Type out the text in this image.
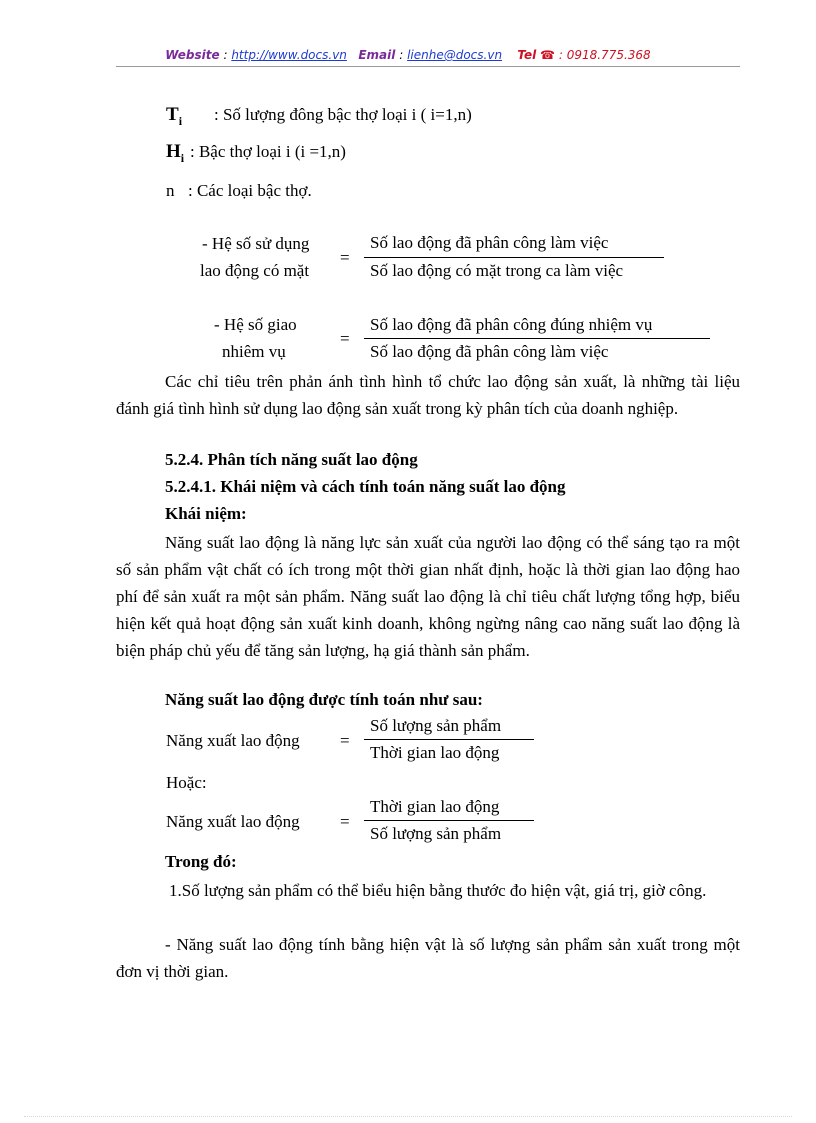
Website : http://www.docs.vn Email : lienhe@docs.vn Tel ☎ : 0918.775.368
$T_i$ : Số lượng đông bậc thợ loại i ( i=1,n)
$H_i$ : Bậc thợ loại i (i =1,n)
n : Các loại bậc thợ.
- Hệ số sử dụng
lao động có mặt
=
Số lao động đã phân công làm việc
Số lao động có mặt trong ca làm việc
- Hệ số giao
nhiêm vụ
=
Số lao động đã phân công đúng nhiệm vụ
Số lao động đã phân công làm việc
Các chỉ tiêu trên phản ánh tình hình tổ chức lao động sản xuất, là những tài liệu đánh giá tình hình sử dụng lao động sản xuất trong kỳ phân tích của doanh nghiệp.
5.2.4. Phân tích năng suất lao động
5.2.4.1. Khái niệm và cách tính toán năng suất lao động
Khái niệm:
Năng suất lao động là năng lực sản xuất của người lao động có thể sáng tạo ra một số sản phẩm vật chất có ích trong một thời gian nhất định, hoặc là thời gian lao động hao phí để sản xuất ra một sản phẩm. Năng suất lao động là chỉ tiêu chất lượng tổng hợp, biểu hiện kết quả hoạt động sản xuất kinh doanh, không ngừng nâng cao năng suất lao động là biện pháp chủ yếu để tăng sản lượng, hạ giá thành sản phẩm.
Năng suất lao động được tính toán như sau:
Năng xuất lao động =
Số lượng sản phẩm
Thời gian lao động
Hoặc:
Năng xuất lao động =
Thời gian lao động
Số lượng sản phẩm
Trong đó:
1.Số lượng sản phẩm có thể biểu hiện bằng thước đo hiện vật, giá trị, giờ công.
- Năng suất lao động tính bằng hiện vật là số lượng sản phẩm sản xuất trong một đơn vị thời gian.
